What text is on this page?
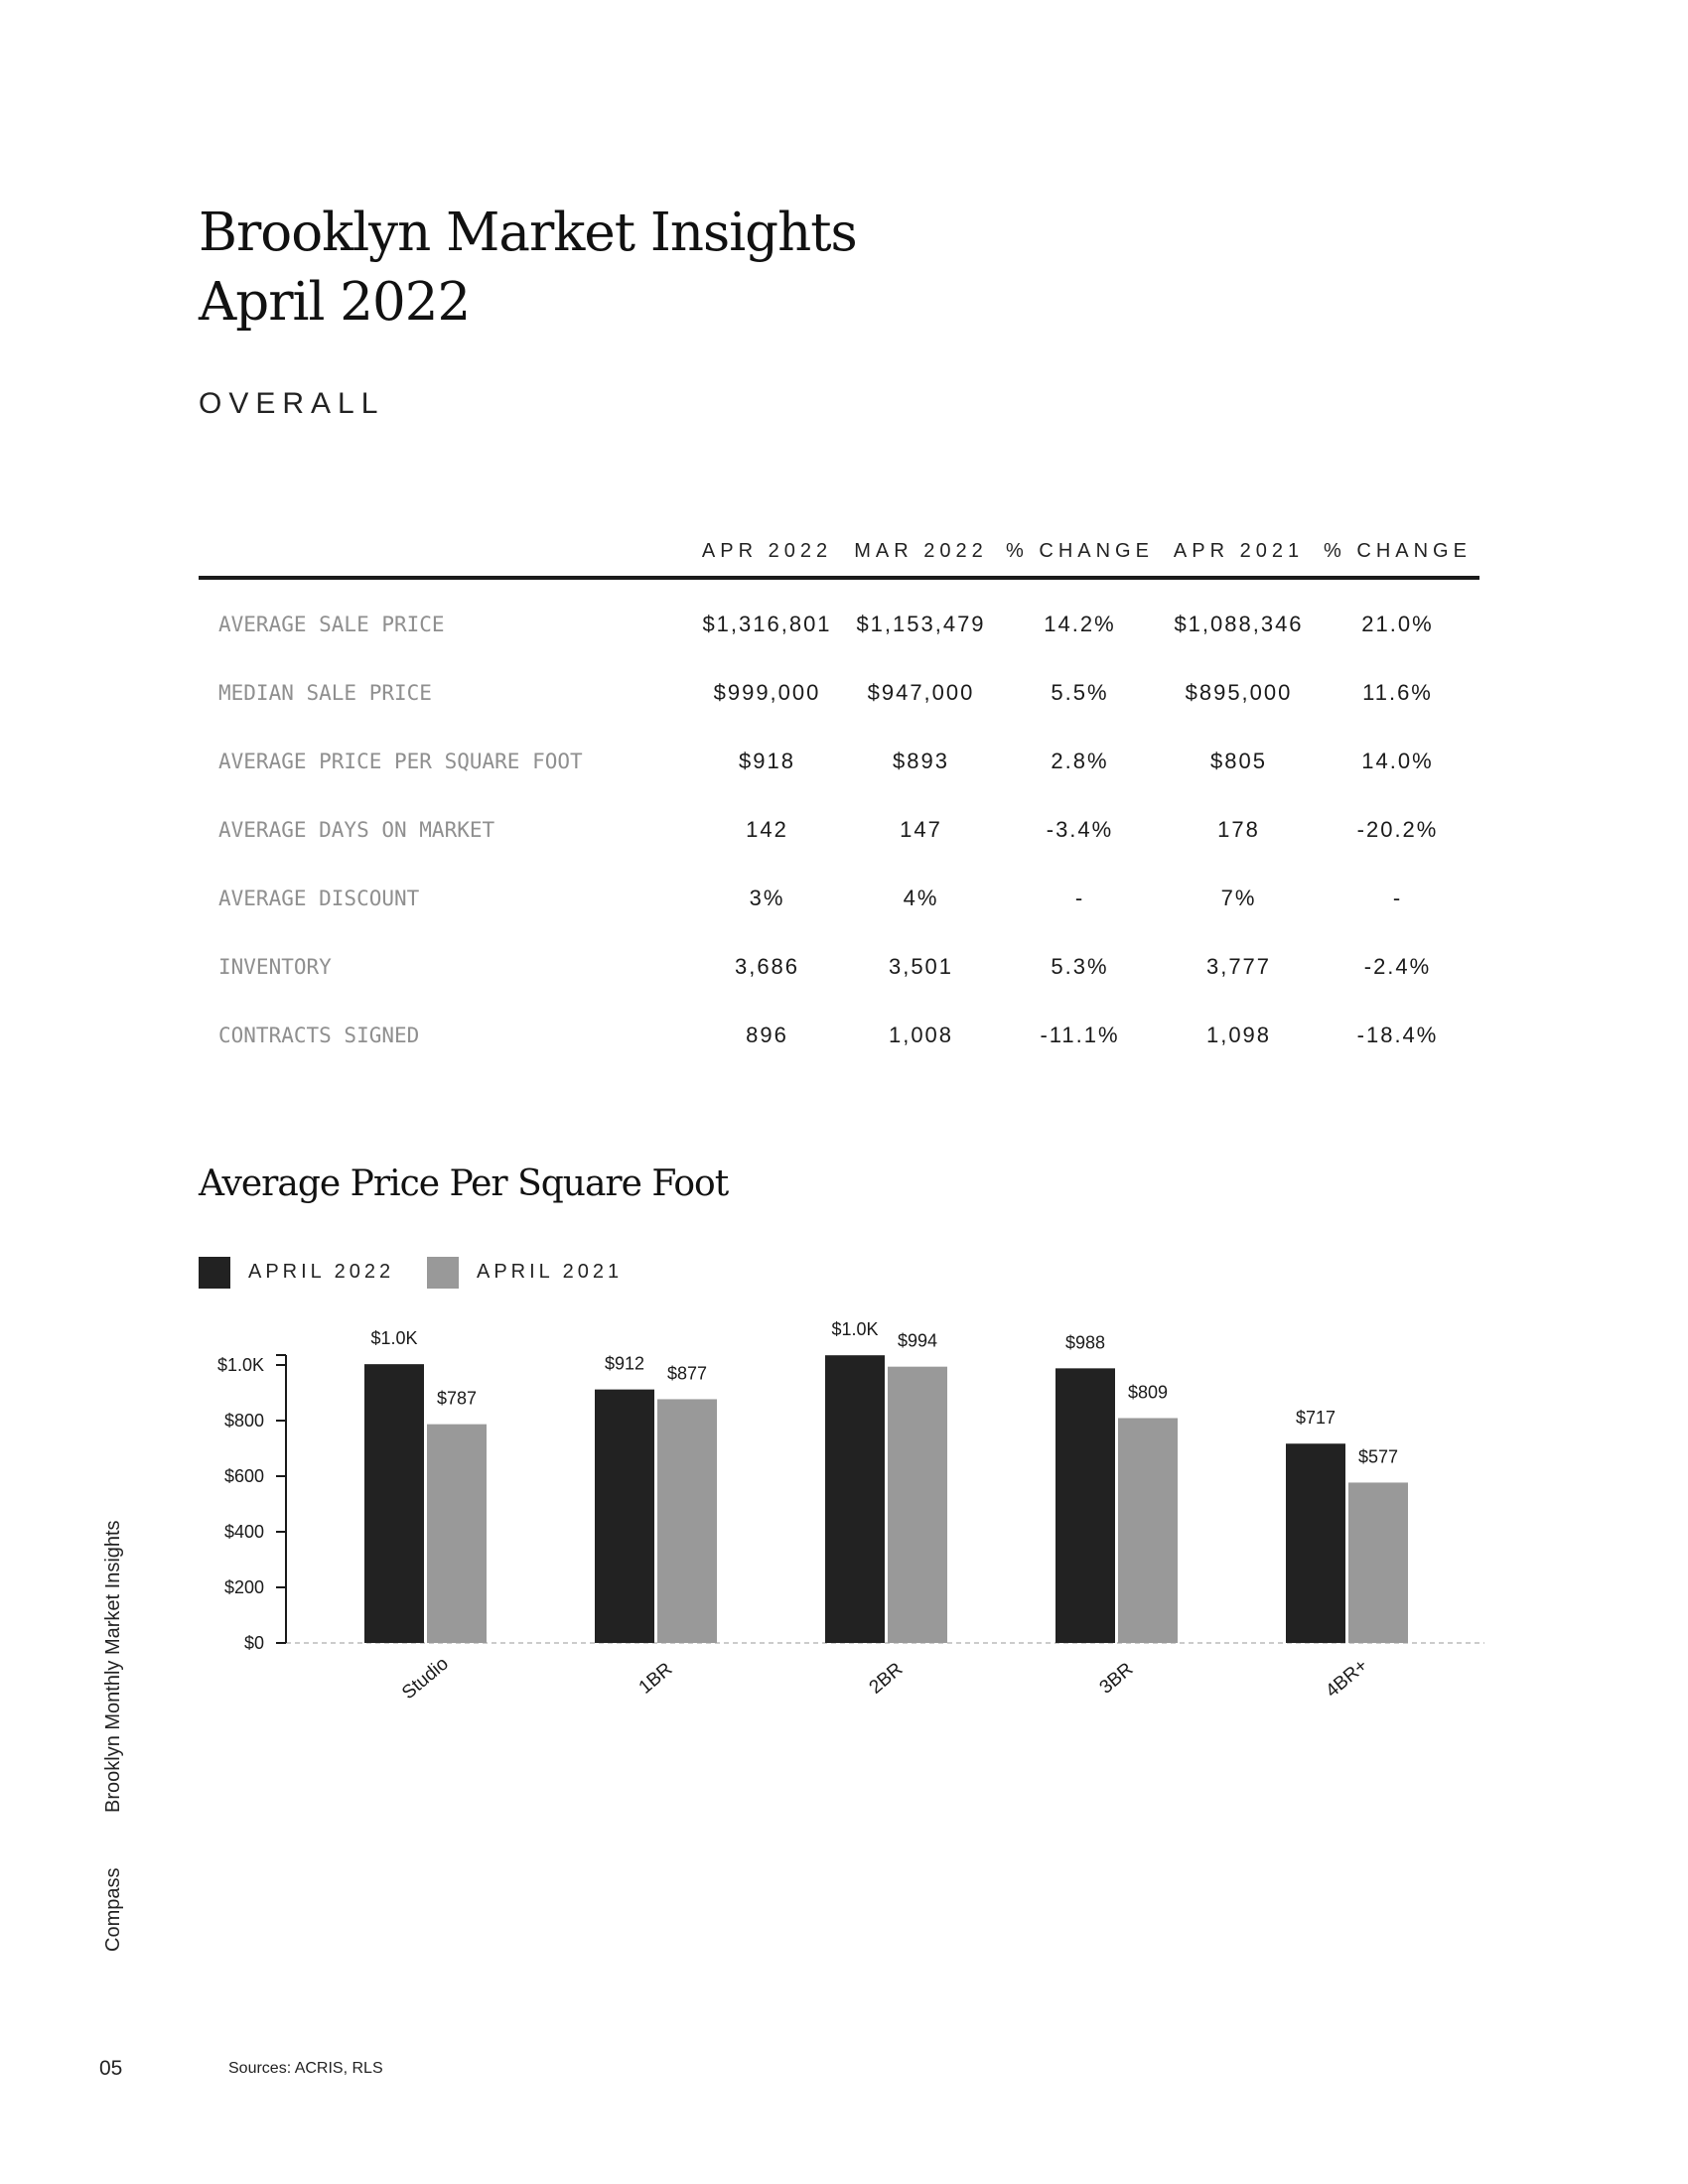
Brooklyn Market Insights
April 2022
OVERALL
	APR 2022	MAR 2022	% CHANGE	APR 2021	% CHANGE
AVERAGE SALE PRICE	$1,316,801	$1,153,479	14.2%	$1,088,346	21.0%
MEDIAN SALE PRICE	$999,000	$947,000	5.5%	$895,000	11.6%
AVERAGE PRICE PER SQUARE FOOT	$918	$893	2.8%	$805	14.0%
AVERAGE DAYS ON MARKET	142	147	-3.4%	178	-20.2%
AVERAGE DISCOUNT	3%	4%	-	7%	-
INVENTORY	3,686	3,501	5.3%	3,777	-2.4%
CONTRACTS SIGNED	896	1,008	-11.1%	1,098	-18.4%
Average Price Per Square Foot
APRIL 2022	APRIL 2021
$0
$200
$400
$600
$800
$1.0K
$1.0K
$787
Studio
$912 $877
1BR
$1.0K
$994
2BR
$988
$809
3BR
$717
$577
4BR+
Brooklyn Monthly Market Insights
Compass
05	Sources: ACRIS, RLS
